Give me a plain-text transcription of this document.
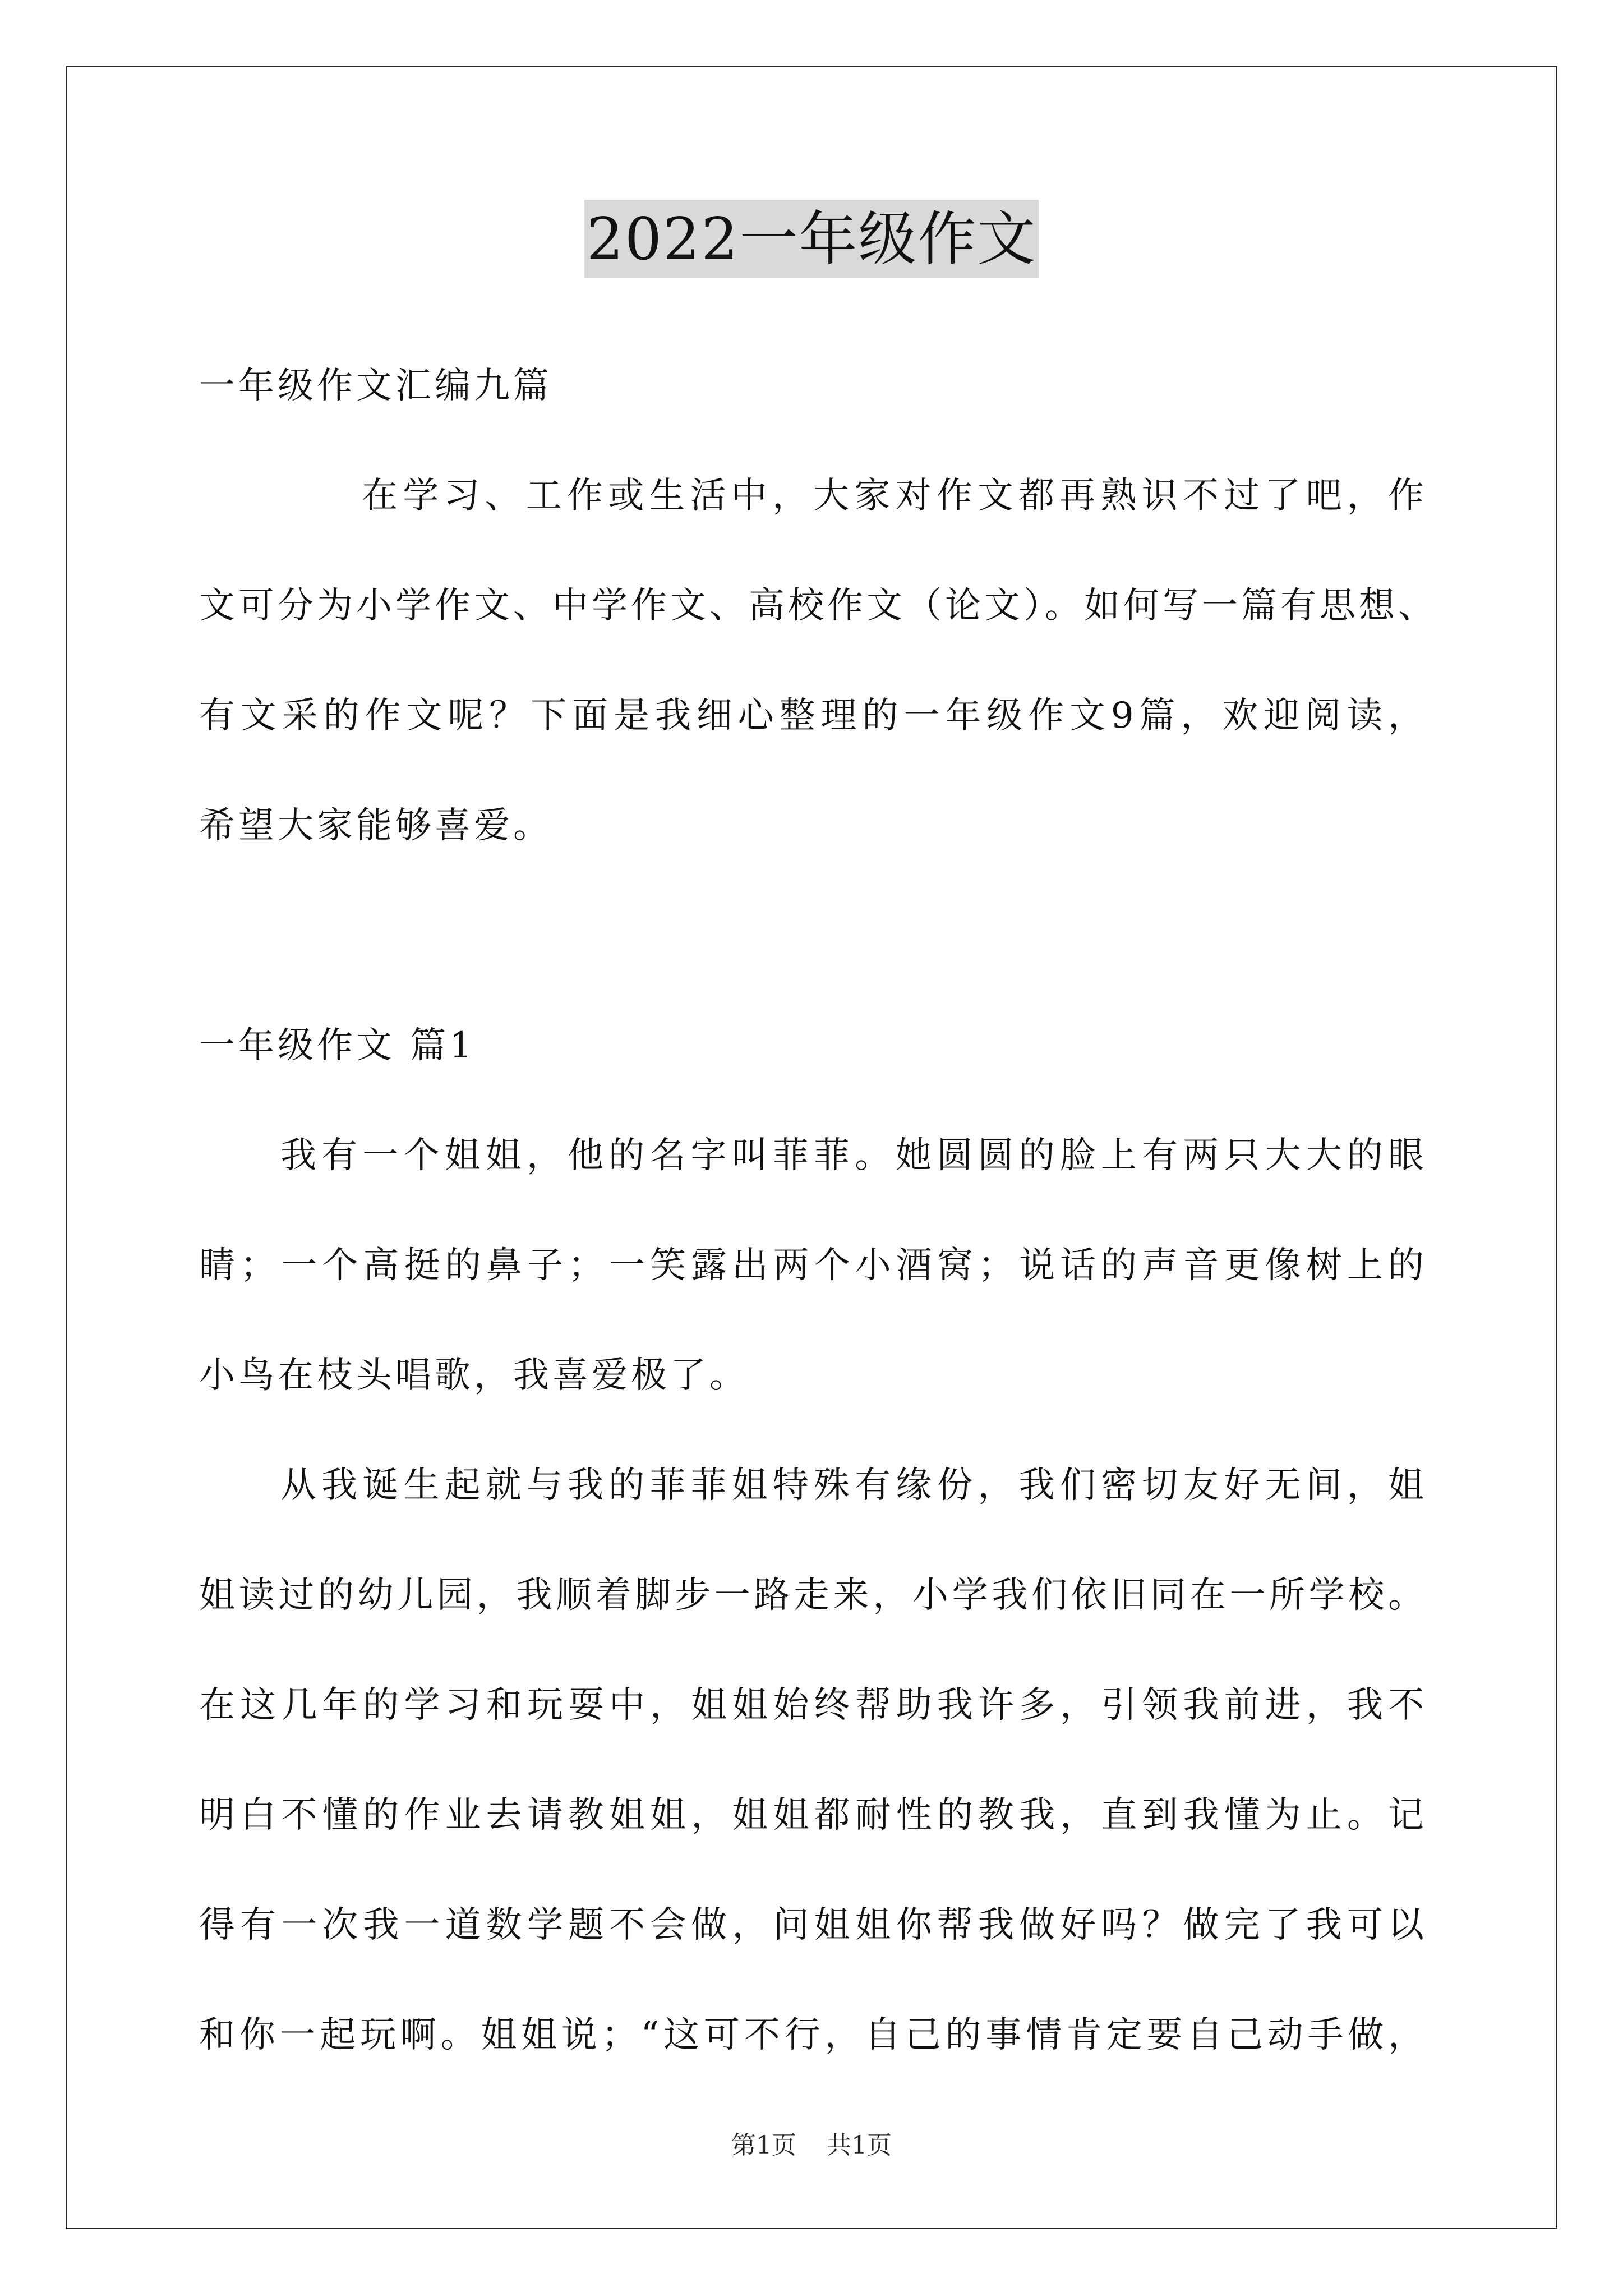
2022一年级作文
一年级作文汇编九篇
在学习、工作或生活中，大家对作文都再熟识不过了吧，作
文可分为小学作文、中学作文、高校作文（论文）。如何写一篇有思想、
有文采的作文呢？下面是我细心整理的一年级作文9篇，欢迎阅读，
希望大家能够喜爱。
一年级作文 篇1
我有一个姐姐，他的名字叫菲菲。她圆圆的脸上有两只大大的眼
睛；一个高挺的鼻子；一笑露出两个小酒窝；说话的声音更像树上的
小鸟在枝头唱歌，我喜爱极了。
从我诞生起就与我的菲菲姐特殊有缘份，我们密切友好无间，姐
姐读过的幼儿园，我顺着脚步一路走来，小学我们依旧同在一所学校。
在这几年的学习和玩耍中，姐姐始终帮助我许多，引领我前进，我不
明白不懂的作业去请教姐姐，姐姐都耐性的教我，直到我懂为止。记
得有一次我一道数学题不会做，问姐姐你帮我做好吗？做完了我可以
和你一起玩啊。姐姐说；“这可不行，自己的事情肯定要自己动手做，
第1页 共1页
